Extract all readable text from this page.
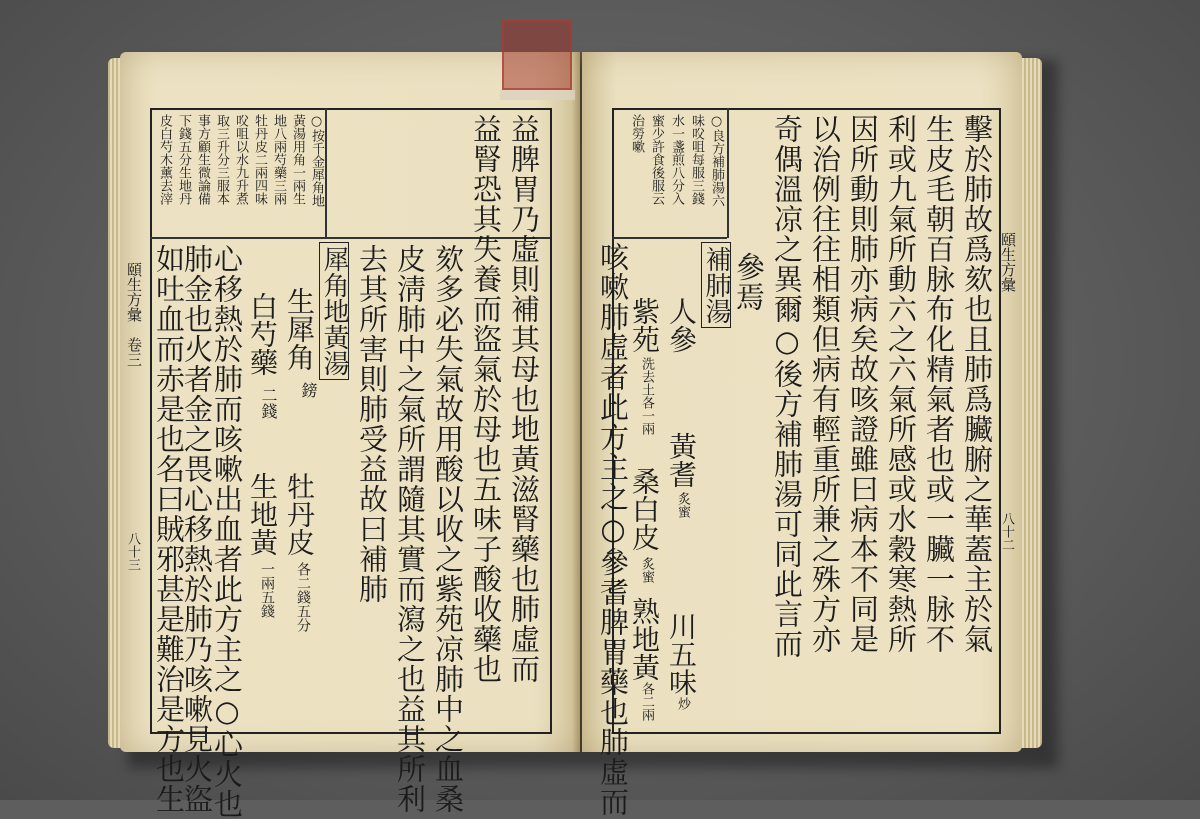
頤生方彙　卷三
八十三
○按千金犀角地
黃湯用角一兩生
地八兩芍藥三兩
牡丹皮二兩四味
㕮咀以水九升煮
取三升分三服本
事方顧生微論備
下錢五分生地丹
皮白芍木薰去滓	益脾胃乃虛則補其母也地黃滋腎藥也肺虛而
益腎恐其失養而盜氣於母也五味子酸收藥也
欬多必失氣故用酸以收之紫苑凉肺中之血桑
皮淸肺中之氣所謂隨其實而瀉之也益其所利
去其所害則肺受益故曰補肺
犀角地黃湯
生犀角
鎊
白芍藥
二錢
牡丹皮
各二錢五分
生地黃
一兩五錢
心移熱於肺而咳嗽出血者此方主之○心火也
肺金也火者金之畏心移熱於肺乃咳嗽見火盜
如吐血而赤是也名曰賊邪甚是難治是方也生
○良方補肺湯六
味㕮咀每服三錢
水一盞煎八分入
蜜少許食後服云
治勞嗽	擊於肺故爲欬也且肺爲臟腑之華蓋主於氣
生皮毛朝百脉布化精氣者也或一臟一脉不
利或九氣所動六之六氣所感或水穀寒熱所
因所動則肺亦病矣故咳證雖曰病本不同是
以治例往往相類但病有輕重所兼之殊方亦
奇偶溫凉之異爾○後方補肺湯可同此言而
參焉
補肺湯
人參
黃耆
炙蜜
川五味
炒
紫苑
洗去土各一兩
桑白皮
炙蜜
熟地黃
各二兩
咳嗽肺虛者此方主之○參耆脾胃藥也肺虛而	頤生方彙
八十二
